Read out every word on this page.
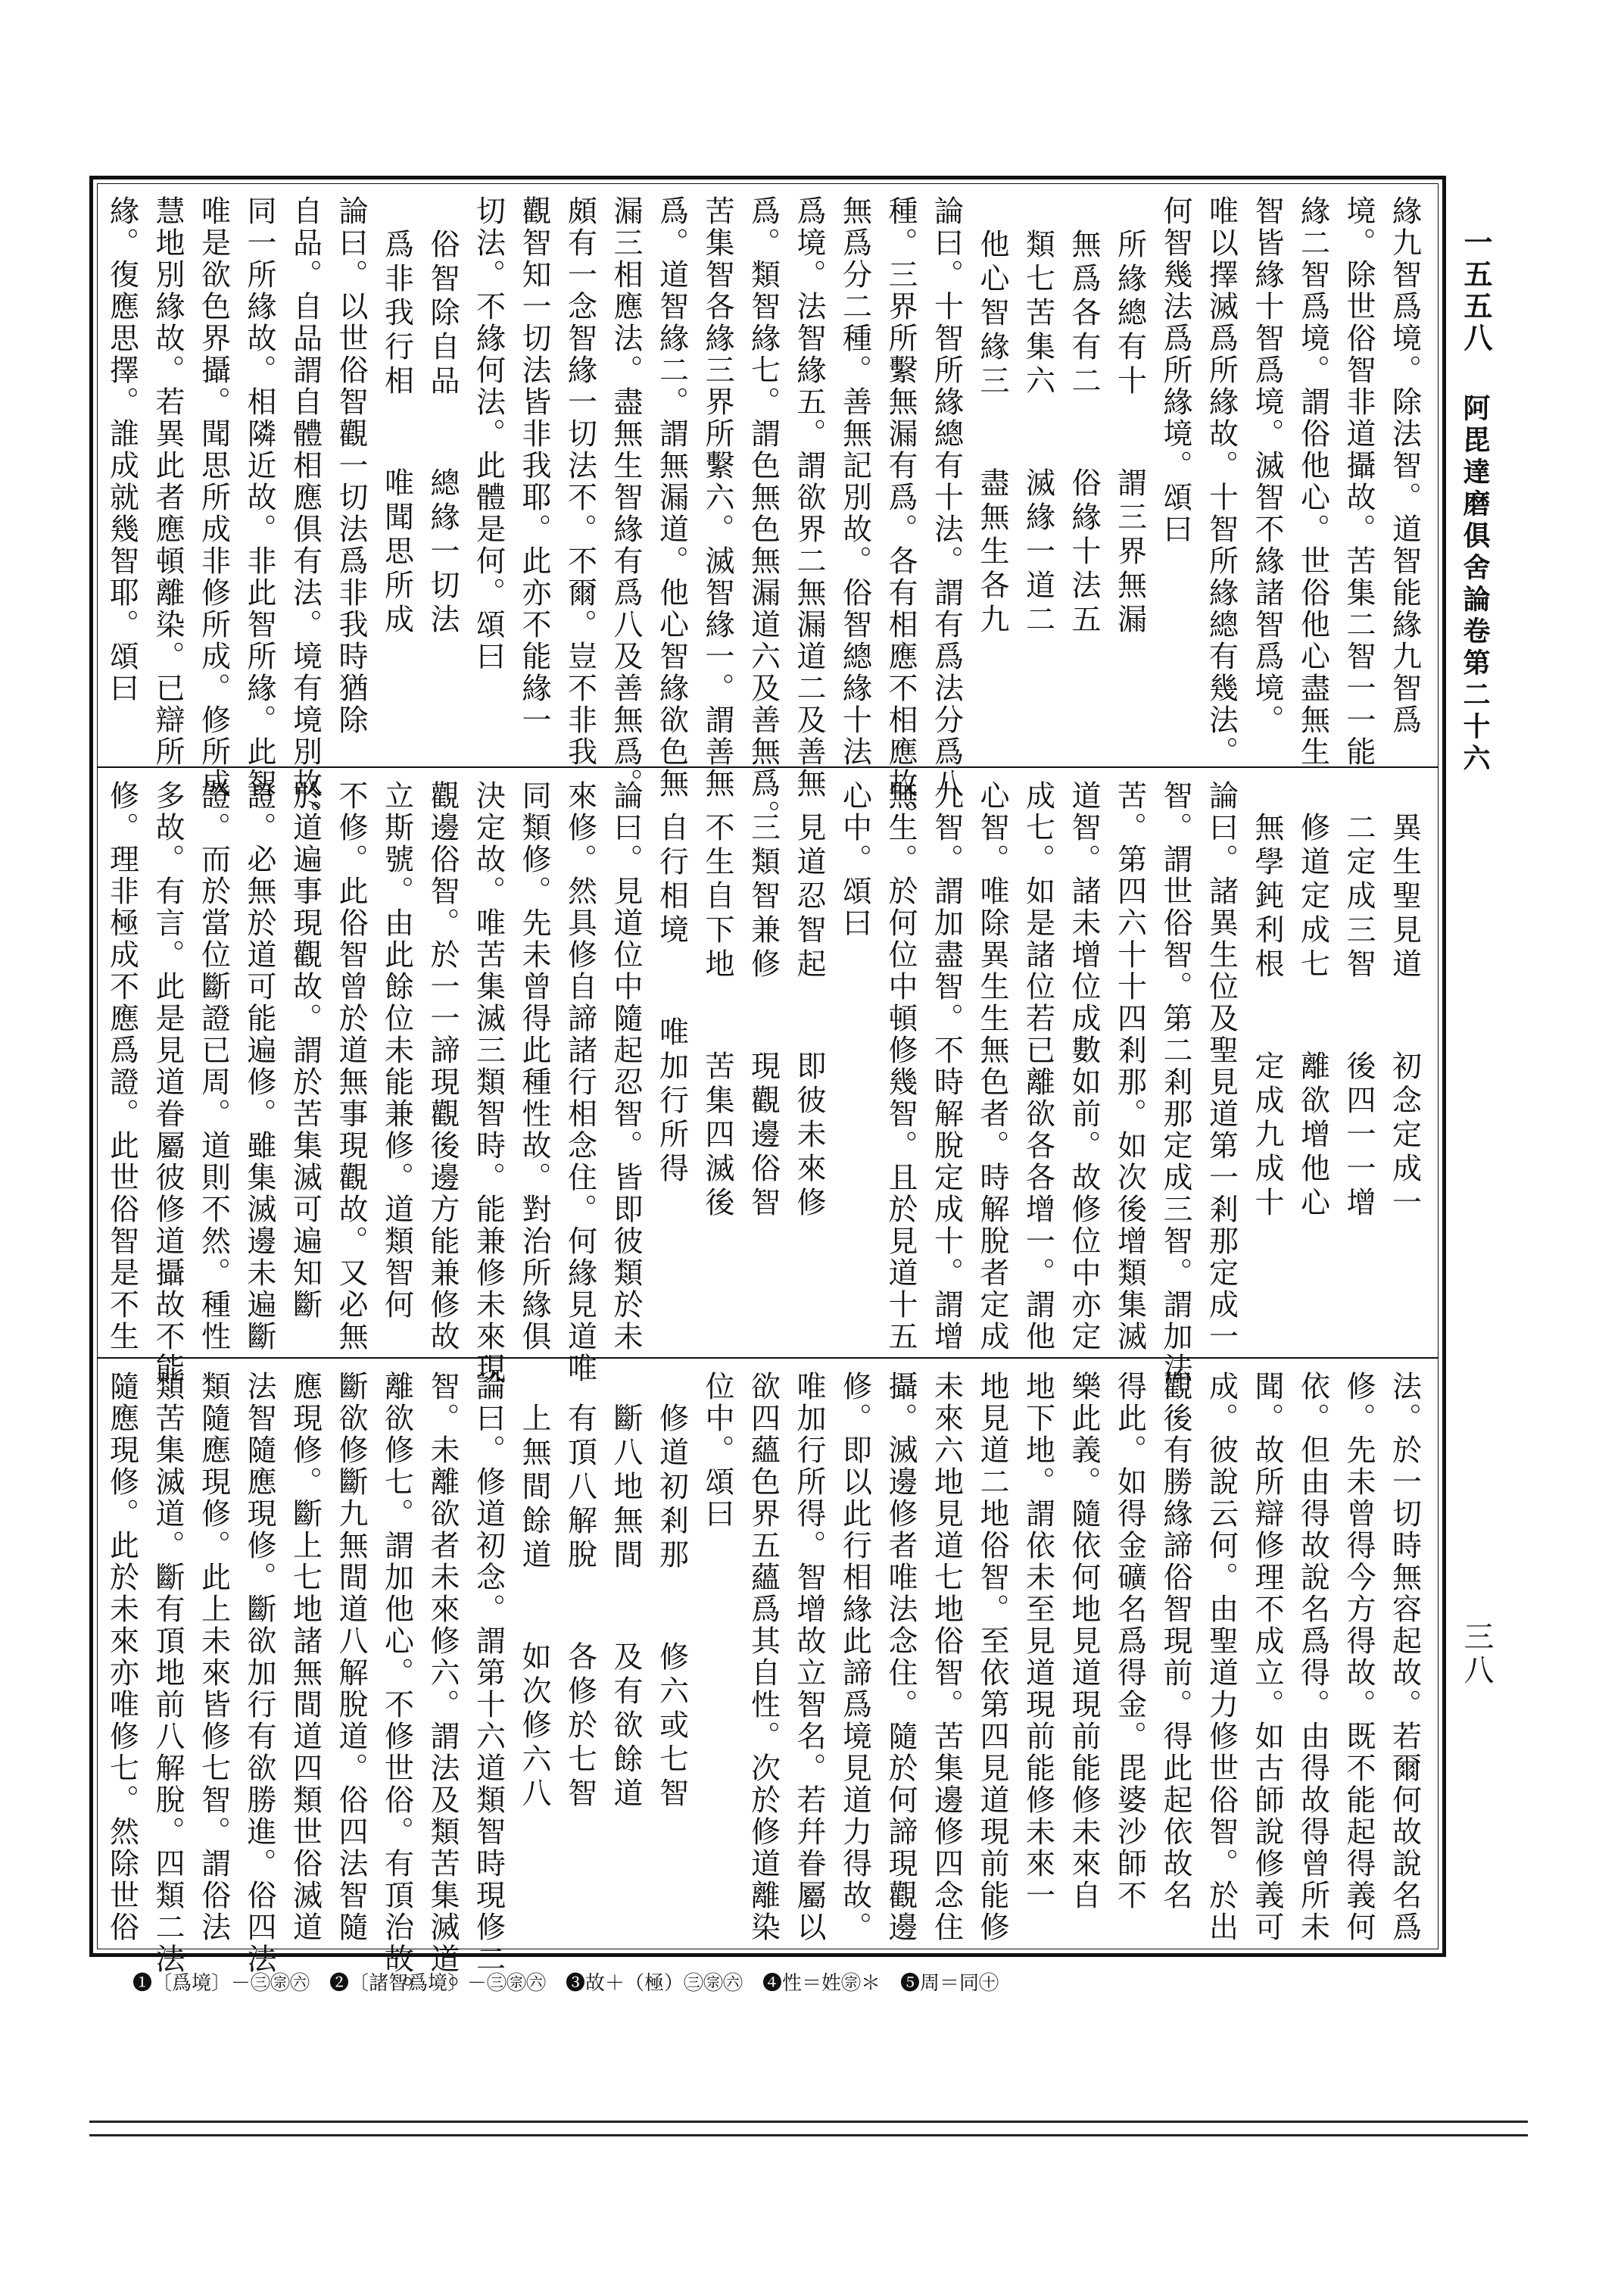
一五五八
阿毘達磨俱舍論卷第二十六
三八
緣九智爲境。除法智。道智能緣九智爲
境。除世俗智非道攝故。苦集二智一一能
緣二智爲境。謂俗他心。世俗他心盡無生
智皆緣十智爲境。滅智不緣諸智爲境。
唯以擇滅爲所緣故。十智所緣總有幾法。
何智幾法爲所緣境。頌曰
所緣總有十　　謂三界無漏
無爲各有二　　俗緣十法五
類七苦集六　　滅緣一道二
他心智緣三　　盡無生各九
論曰。十智所緣總有十法。謂有爲法分爲八
種。三界所繫無漏有爲。各有相應不相應故。
無爲分二種。善無記別故。俗智總緣十法
爲境。法智緣五。謂欲界二無漏道二及善無
爲。類智緣七。謂色無色無漏道六及善無爲。
苦集智各緣三界所繫六。滅智緣一。謂善無
爲。道智緣二。謂無漏道。他心智緣欲色無
漏三相應法。盡無生智緣有爲八及善無爲。
頗有一念智緣一切法不。不爾。豈不非我
觀智知一切法皆非我耶。此亦不能緣一
切法。不緣何法。此體是何。頌曰
俗智除自品　　總緣一切法
爲非我行相　　唯聞思所成
論曰。以世俗智觀一切法爲非我時猶除
自品。自品謂自體相應俱有法。境有境別故。
同一所緣故。相隣近故。非此智所緣。此智
唯是欲色界攝。聞思所成非修所成。修所成
慧地別緣故。若異此者應頓離染。已辯所
緣。復應思擇。誰成就幾智耶。頌曰
異生聖見道　　初念定成一
二定成三智　　後四一一增
修道定成七　　離欲增他心
無學鈍利根　　定成九成十
論曰。諸異生位及聖見道第一剎那定成一
智。謂世俗智。第二剎那定成三智。謂加法
苦。第四六十十四剎那。如次後增類集滅
道智。諸未增位成數如前。故修位中亦定
成七。如是諸位若已離欲各各增一。謂他
心智。唯除異生生無色者。時解脫者定成
九智。謂加盡智。不時解脫定成十。謂增
無生。於何位中頓修幾智。且於見道十五
心中。頌曰
見道忍智起　　即彼未來修
三類智兼修　　現觀邊俗智
不生自下地　　苦集四滅後
自行相境　　唯加行所得
論曰。見道位中隨起忍智。皆即彼類於未
來修。然具修自諦諸行相念住。何緣見道唯
同類修。先未曾得此種性故。對治所緣俱
決定故。唯苦集滅三類智時。能兼修未來現
觀邊俗智。於一一諦現觀後邊方能兼修故
立斯號。由此餘位未能兼修。道類智何
不修。此俗智曾於道無事現觀故。又必無
於道遍事現觀故。謂於苦集滅可遍知斷
證。必無於道可能遍修。雖集滅邊未遍斷
證。而於當位斷證已周。道則不然。種性
多故。有言。此是見道眷屬彼修道攝故不能
修。理非極成不應爲證。此世俗智是不生
法。於一切時無容起故。若爾何故說名爲
修。先未曾得今方得故。既不能起得義何
依。但由得故說名爲得。由得故得曾所未
聞。故所辯修理不成立。如古師說修義可
成。彼說云何。由聖道力修世俗智。於出
觀後有勝緣諦俗智現前。得此起依故名
得此。如得金礦名爲得金。毘婆沙師不
樂此義。隨依何地見道現前能修未來自
地下地。謂依未至見道現前能修未來一
地見道二地俗智。至依第四見道現前能修
未來六地見道七地俗智。苦集邊修四念住
攝。滅邊修者唯法念住。隨於何諦現觀邊
修。即以此行相緣此諦爲境見道力得故。
唯加行所得。智增故立智名。若幷眷屬以
欲四蘊色界五蘊爲其自性。次於修道離染
位中。頌曰
修道初剎那　　修六或七智
斷八地無間　　及有欲餘道
有頂八解脫　　各修於七智
上無間餘道　　如次修六八
論曰。修道初念。謂第十六道類智時現修二
智。未離欲者未來修六。謂法及類苦集滅道。
離欲修七。謂加他心。不修世俗。有頂治故。
斷欲修斷九無間道八解脫道。俗四法智隨
應現修。斷上七地諸無間道四類世俗滅道
法智隨應現修。斷欲加行有欲勝進。俗四法
類隨應現修。此上未來皆修七智。謂俗法
類苦集滅道。斷有頂地前八解脫。四類二法
隨應現修。此於未來亦唯修七。然除世俗
❶〔爲境〕－㊂㊪㊅　❷〔諸智爲境〕－㊂㊪㊅　❸故＋（極）㊂㊪㊅　❹性＝姓㊪＊　❺周＝同㊉
